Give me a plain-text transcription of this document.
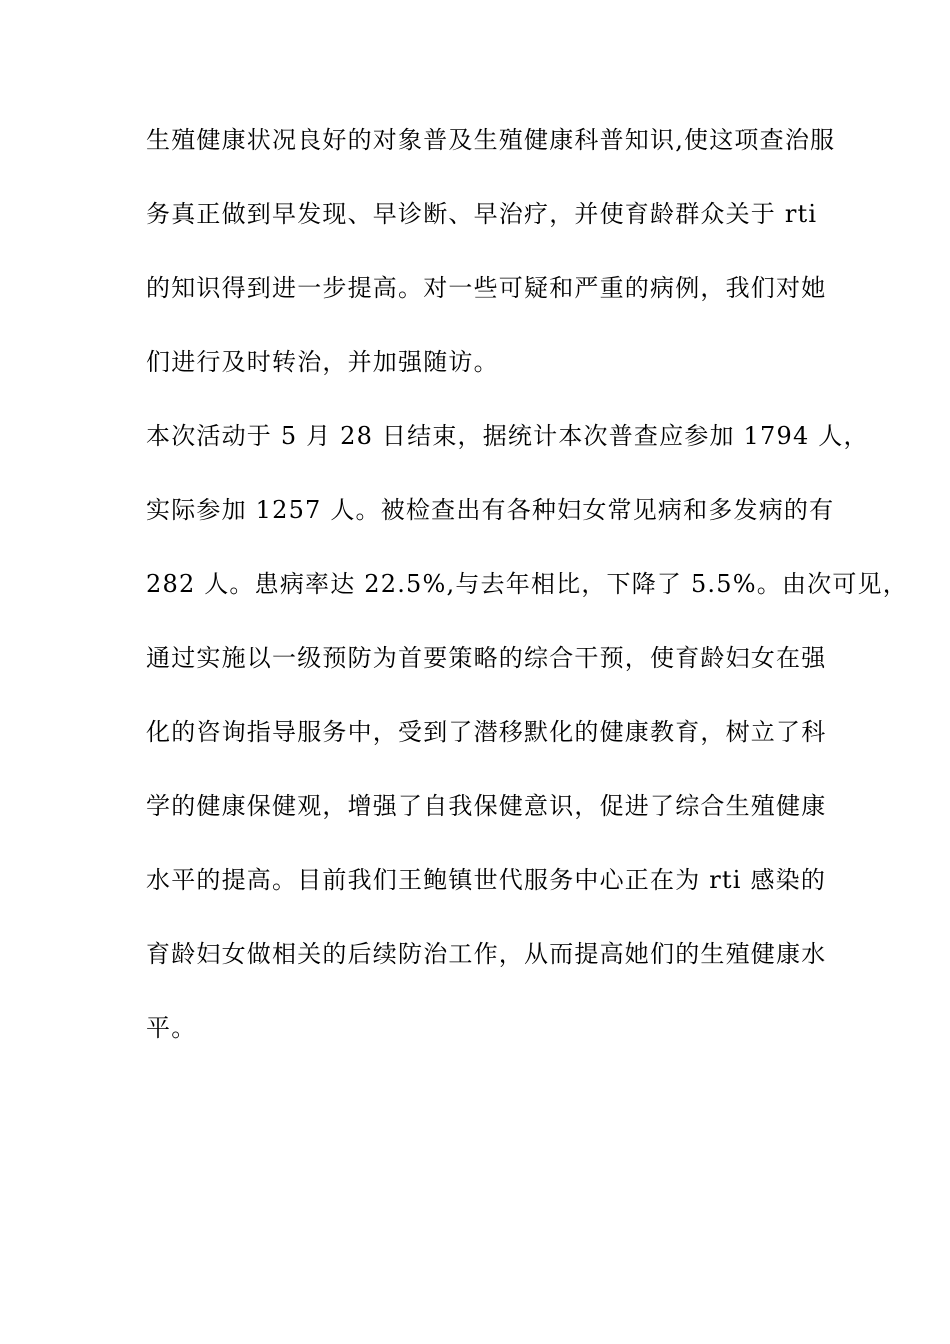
生殖健康状况良好的对象普及生殖健康科普知识,使这项查治服
务真正做到早发现、早诊断、早治疗，并使育龄群众关于 rti
的知识得到进一步提高。对一些可疑和严重的病例，我们对她
们进行及时转治，并加强随访。
本次活动于 5 月 28 日结束，据统计本次普查应参加 1794 人，
实际参加 1257 人。被检查出有各种妇女常见病和多发病的有
282 人。患病率达 22.5%,与去年相比，下降了 5.5%。由次可见，
通过实施以一级预防为首要策略的综合干预，使育龄妇女在强
化的咨询指导服务中，受到了潜移默化的健康教育，树立了科
学的健康保健观，增强了自我保健意识，促进了综合生殖健康
水平的提高。目前我们王鲍镇世代服务中心正在为 rti 感染的
育龄妇女做相关的后续防治工作，从而提高她们的生殖健康水
平。
